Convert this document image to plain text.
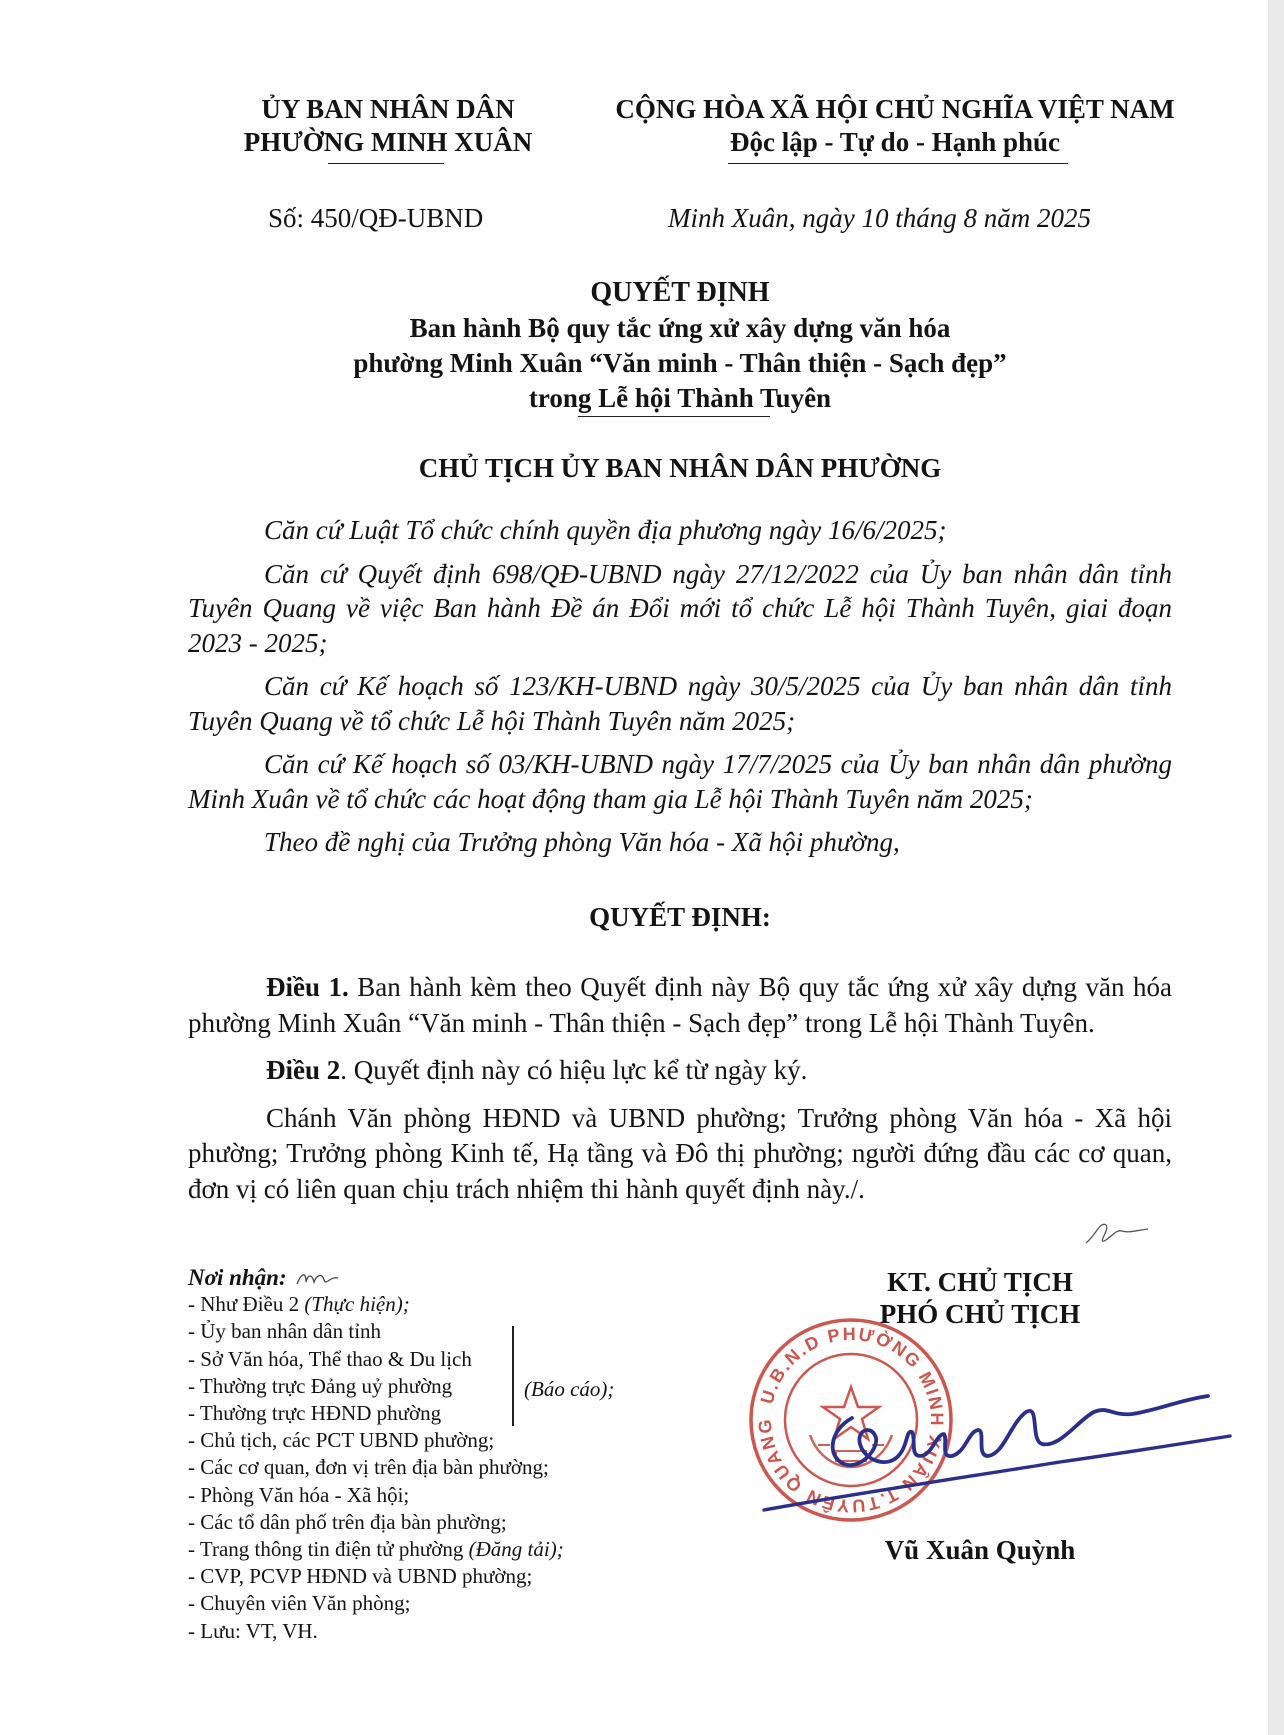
ỦY BAN NHÂN DÂN
PHƯỜNG MINH XUÂN
CỘNG HÒA XÃ HỘI CHỦ NGHĨA VIỆT NAM
Độc lập - Tự do - Hạnh phúc
Số: 450/QĐ-UBND	Minh Xuân, ngày 10 tháng 8 năm 2025
QUYẾT ĐỊNH
Ban hành Bộ quy tắc ứng xử xây dựng văn hóa
phường Minh Xuân “Văn minh - Thân thiện - Sạch đẹp”
trong Lễ hội Thành Tuyên
CHỦ TỊCH ỦY BAN NHÂN DÂN PHƯỜNG

Căn cứ Luật Tổ chức chính quyền địa phương ngày 16/6/2025;

Căn cứ Quyết định 698/QĐ-UBND ngày 27/12/2022 của Ủy ban nhân dân tỉnh Tuyên Quang về việc Ban hành Đề án Đổi mới tổ chức Lễ hội Thành Tuyên, giai đoạn 2023 - 2025;

Căn cứ Kế hoạch số 123/KH-UBND ngày 30/5/2025 của Ủy ban nhân dân tỉnh Tuyên Quang về tổ chức Lễ hội Thành Tuyên năm 2025;

Căn cứ Kế hoạch số 03/KH-UBND ngày 17/7/2025 của Ủy ban nhân dân phường Minh Xuân về tổ chức các hoạt động tham gia Lễ hội Thành Tuyên năm 2025;

Theo đề nghị của Trưởng phòng Văn hóa - Xã hội phường,

QUYẾT ĐỊNH:

Điều 1. Ban hành kèm theo Quyết định này Bộ quy tắc ứng xử xây dựng văn hóa phường Minh Xuân “Văn minh - Thân thiện - Sạch đẹp” trong Lễ hội Thành Tuyên.

Điều 2. Quyết định này có hiệu lực kể từ ngày ký.

Chánh Văn phòng HĐND và UBND phường; Trưởng phòng Văn hóa - Xã hội phường; Trưởng phòng Kinh tế, Hạ tầng và Đô thị phường; người đứng đầu các cơ quan, đơn vị có liên quan chịu trách nhiệm thi hành quyết định này./.

Nơi nhận:
- Như Điều 2 (Thực hiện);
- Ủy ban nhân dân tỉnh
- Sở Văn hóa, Thể thao & Du lịch
- Thường trực Đảng uỷ phường
- Thường trực HĐND phường
- Chủ tịch, các PCT UBND phường;
- Các cơ quan, đơn vị trên địa bàn phường;
- Phòng Văn hóa - Xã hội;
- Các tổ dân phố trên địa bàn phường;
- Trang thông tin điện tử phường (Đăng tải);
- CVP, PCVP HĐND và UBND phường;
- Chuyên viên Văn phòng;
- Lưu: VT, VH.
(Báo cáo);
KT. CHỦ TỊCH
PHÓ CHỦ TỊCH
U.B.N.D PHƯỜNG MINH XUÂN T.TUYÊN QUANG
Vũ Xuân Quỳnh
